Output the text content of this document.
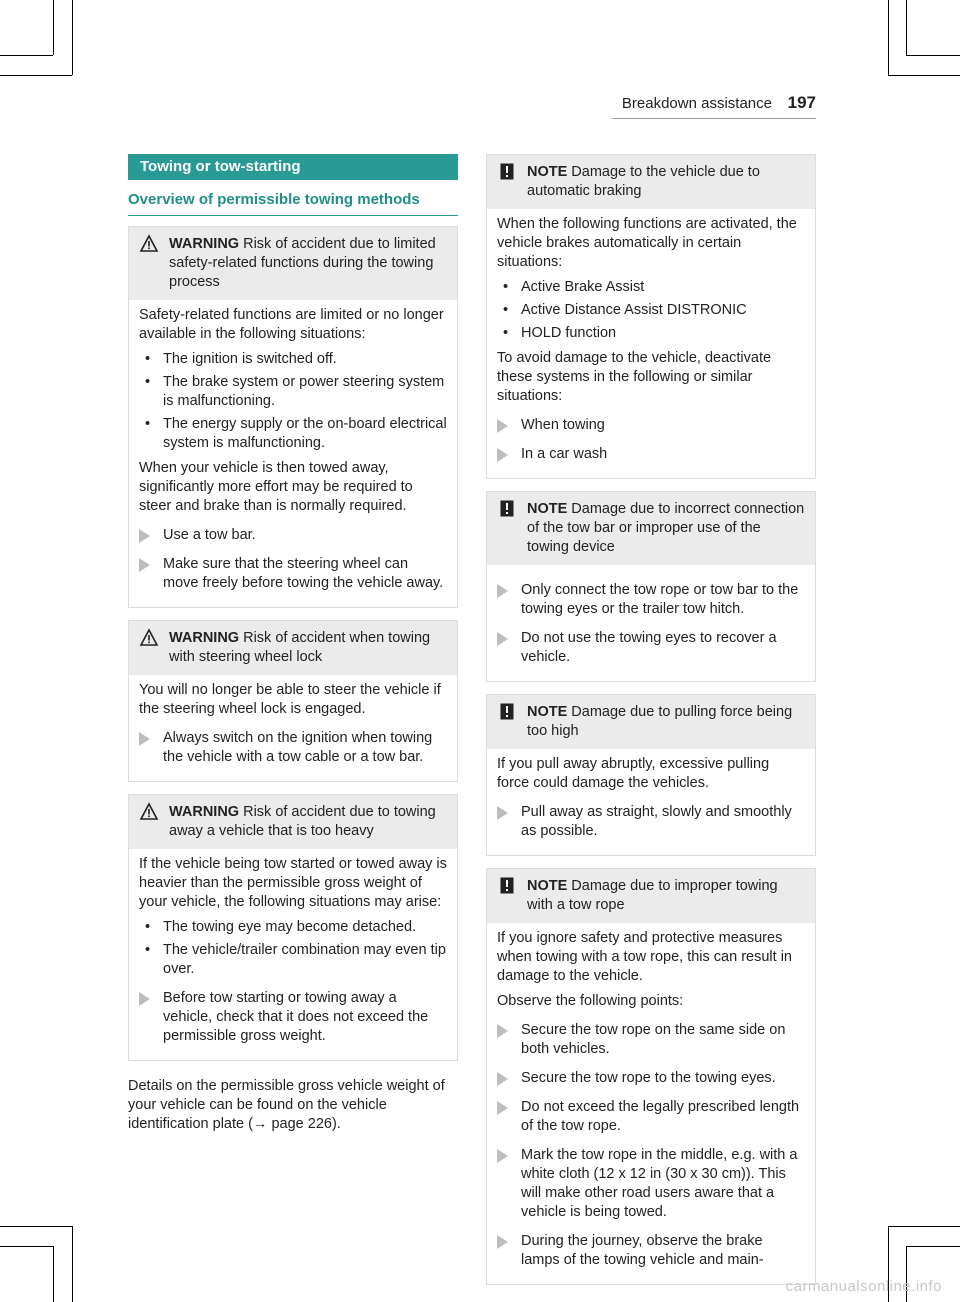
Breakdown assistance 197
Towing or tow-starting
Overview of permissible towing methods
WARNING Risk of accident due to limited safety-related functions during the towing process

Safety-related functions are limited or no longer available in the following situations:

• The ignition is switched off.
• The brake system or power steering system is malfunctioning.
• The energy supply or the on-board electrical system is malfunctioning.

When your vehicle is then towed away, significantly more effort may be required to steer and brake than is normally required.

Use a tow bar.
Make sure that the steering wheel can move freely before towing the vehicle away.
WARNING Risk of accident when towing with steering wheel lock

You will no longer be able to steer the vehicle if the steering wheel lock is engaged.

Always switch on the ignition when towing the vehicle with a tow cable or a tow bar.
WARNING Risk of accident due to towing away a vehicle that is too heavy

If the vehicle being tow started or towed away is heavier than the permissible gross weight of your vehicle, the following situations may arise:

• The towing eye may become detached.
• The vehicle/trailer combination may even tip over.
Before tow starting or towing away a vehicle, check that it does not exceed the permissible gross weight.

Details on the permissible gross vehicle weight of your vehicle can be found on the vehicle identification plate (→ page 226).

NOTE Damage to the vehicle due to automatic braking

When the following functions are activated, the vehicle brakes automatically in certain situations:

• Active Brake Assist
• Active Distance Assist DISTRONIC
• HOLD function

To avoid damage to the vehicle, deactivate these systems in the following or similar situations:

When towing
In a car wash
NOTE Damage due to incorrect connection of the tow bar or improper use of the towing device
Only connect the tow rope or tow bar to the towing eyes or the trailer tow hitch.
Do not use the towing eyes to recover a vehicle.
NOTE Damage due to pulling force being too high

If you pull away abruptly, excessive pulling force could damage the vehicles.

Pull away as straight, slowly and smoothly as possible.
NOTE Damage due to improper towing with a tow rope

If you ignore safety and protective measures when towing with a tow rope, this can result in damage to the vehicle.

Observe the following points:

Secure the tow rope on the same side on both vehicles.
Secure the tow rope to the towing eyes.
Do not exceed the legally prescribed length of the tow rope.
Mark the tow rope in the middle, e.g. with a white cloth (12 x 12 in (30 x 30 cm)). This will make other road users aware that a vehicle is being towed.
During the journey, observe the brake lamps of the towing vehicle and main-
carmanualsonline.info
